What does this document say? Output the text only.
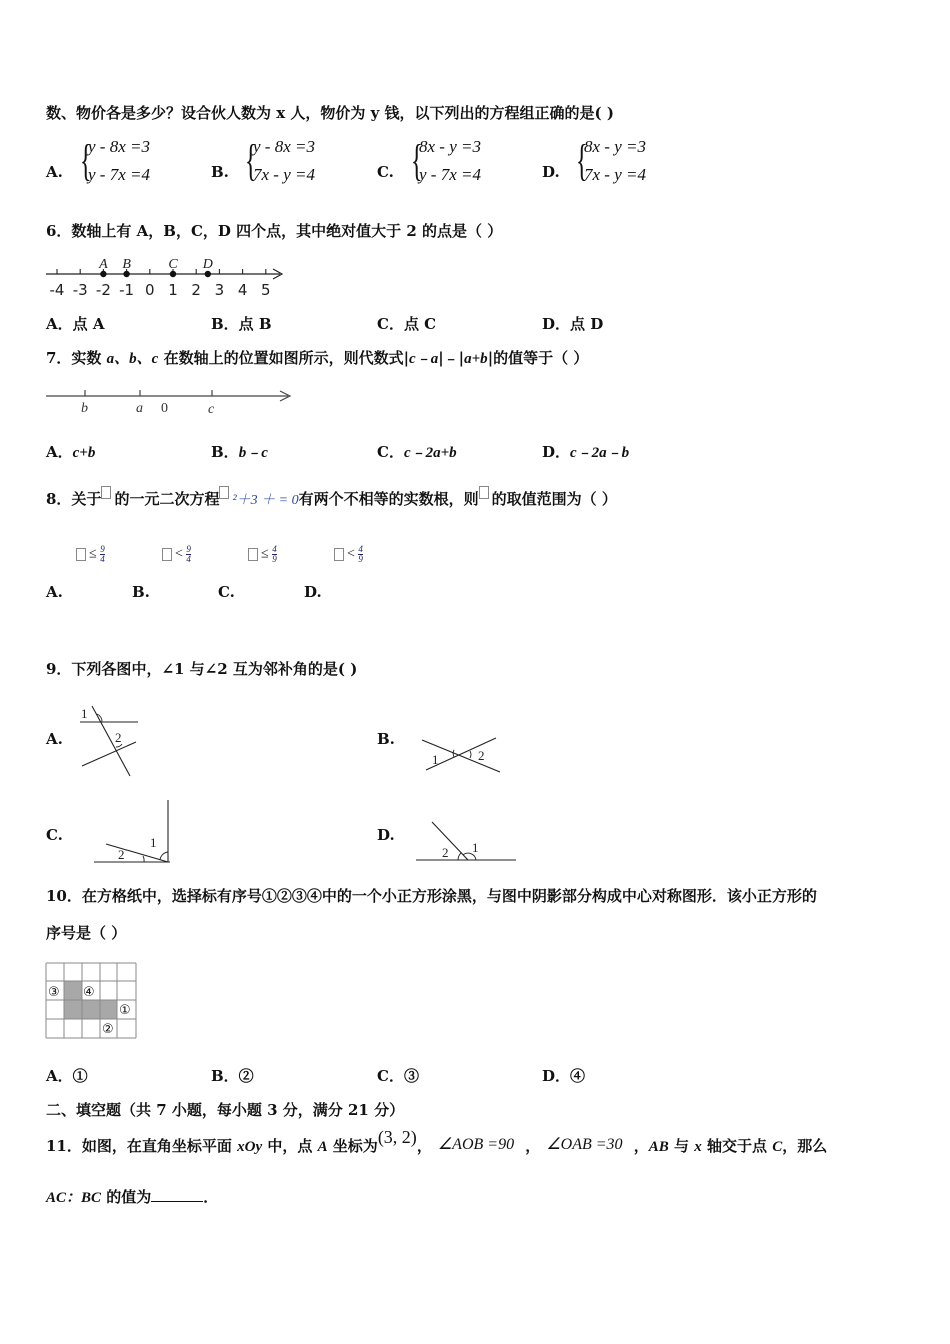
数、物价各是多少？设合伙人数为 x 人，物价为 y 钱，以下列出的方程组正确的是( )
A. {
y - 8x =3
y - 7x =4	B. {
y - 8x =3
7x - y =4	C. {
8x - y =3
y - 7x =4	D. {
8x - y =3
7x - y =4
6．数轴上有 A，B，C，D 四个点，其中绝对值大于 2 的点是（ ）
-4 -3 -2 -1 0 1 2 3 4 5
A B	C D
A．点 A	B．点 B	C．点 C	D．点 D
7．实数 a、b、c 在数轴上的位置如图所示，则代数式|c﹣a|﹣|a+b|的值等于（ ）
b	a 0	c
A．c+b	B．b﹣c	C．c﹣2a+b	D．c﹣2a﹣b
8．关于 的一元二次方程 ²＋3 ＋ = 0有两个不相等的实数根，则 的取值范围为（ ）
≤ $\frac{9}{4}$	< $\frac{9}{4}$	≤ $\frac{4}{9}$	< $\frac{4}{9}$
A.	B.	C.	D.
9．下列各图中，∠1 与∠2 互为邻补角的是( )
A.
1
2	B.
1	2
C.
2
1	D.
2 1
10．在方格纸中，选择标有序号①②③④中的一个小正方形涂黑，与图中阴影部分构成中心对称图形．该小正方形的
序号是（ ）
③ ④
①
②
A．①	B．②	C．③	D．④
二、填空题（共 7 小题，每小题 3 分，满分 21 分）
11．如图，在直角坐标平面 xOy 中，点 A 坐标为(3, 2)， ∠AOB =90 ， ∠OAB =30 ，AB 与 x 轴交于点 C，那么
AC：BC 的值为	．
